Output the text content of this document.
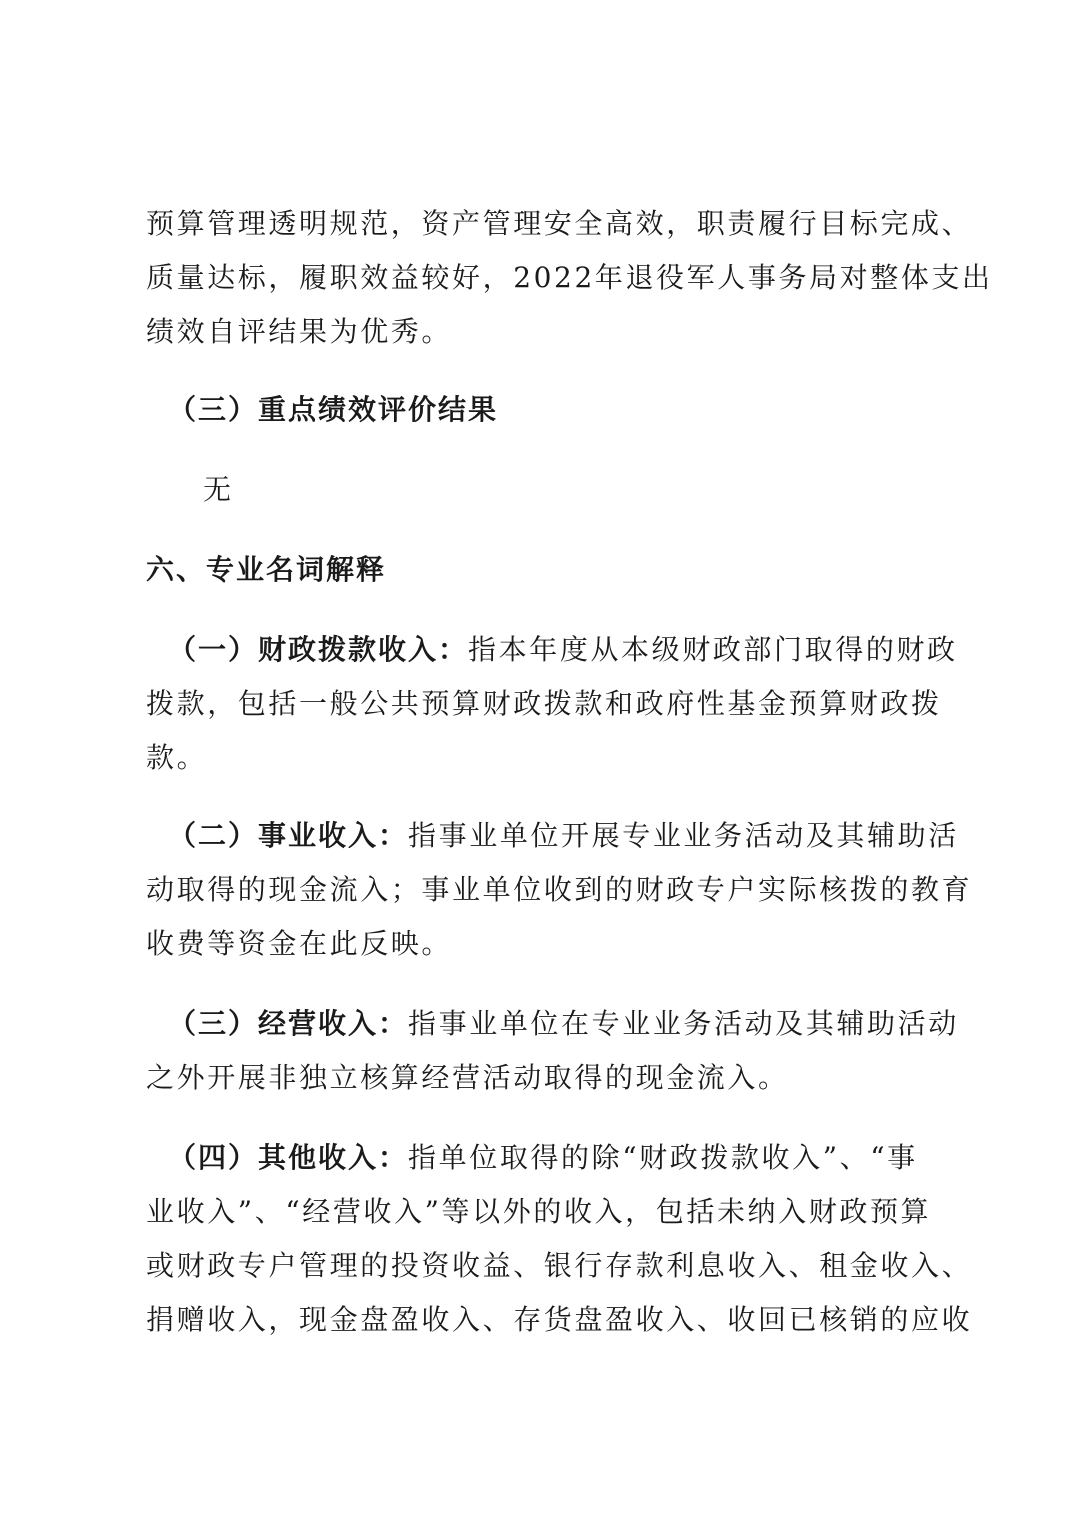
预算管理透明规范，资产管理安全高效，职责履行目标完成、
质量达标，履职效益较好，2022年退役军人事务局对整体支出
绩效自评结果为优秀。
（三）重点绩效评价结果
无
六、专业名词解释
（一）财政拨款收入：指本年度从本级财政部门取得的财政
拨款，包括一般公共预算财政拨款和政府性基金预算财政拨
款。
（二）事业收入：指事业单位开展专业业务活动及其辅助活
动取得的现金流入；事业单位收到的财政专户实际核拨的教育
收费等资金在此反映。
（三）经营收入：指事业单位在专业业务活动及其辅助活动
之外开展非独立核算经营活动取得的现金流入。
（四）其他收入：指单位取得的除“财政拨款收入”、“事
业收入”、“经营收入”等以外的收入，包括未纳入财政预算
或财政专户管理的投资收益、银行存款利息收入、租金收入、
捐赠收入，现金盘盈收入、存货盘盈收入、收回已核销的应收
